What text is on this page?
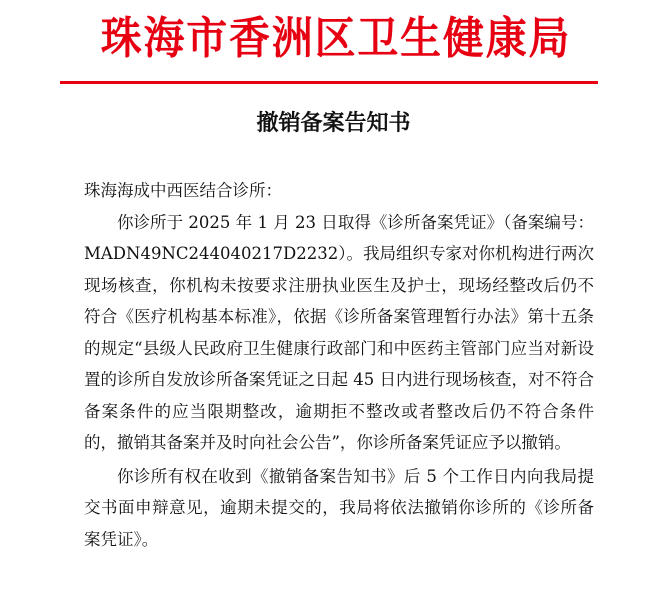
珠海市香洲区卫生健康局
撤销备案告知书

珠海海成中西医结合诊所：

你诊所于 2025 年 1 月 23 日取得《诊所备案凭证》（备案编号：MADN49NC244040217D2232）。我局组织专家对你机构进行两次现场核查，你机构未按要求注册执业医生及护士，现场经整改后仍不符合《医疗机构基本标准》，依据《诊所备案管理暂行办法》第十五条的规定“县级人民政府卫生健康行政部门和中医药主管部门应当对新设置的诊所自发放诊所备案凭证之日起 45 日内进行现场核查，对不符合备案条件的应当限期整改，逾期拒不整改或者整改后仍不符合条件的，撤销其备案并及时向社会公告”，你诊所备案凭证应予以撤销。

你诊所有权在收到《撤销备案告知书》后 5 个工作日内向我局提交书面申辩意见，逾期未提交的，我局将依法撤销你诊所的《诊所备案凭证》。
